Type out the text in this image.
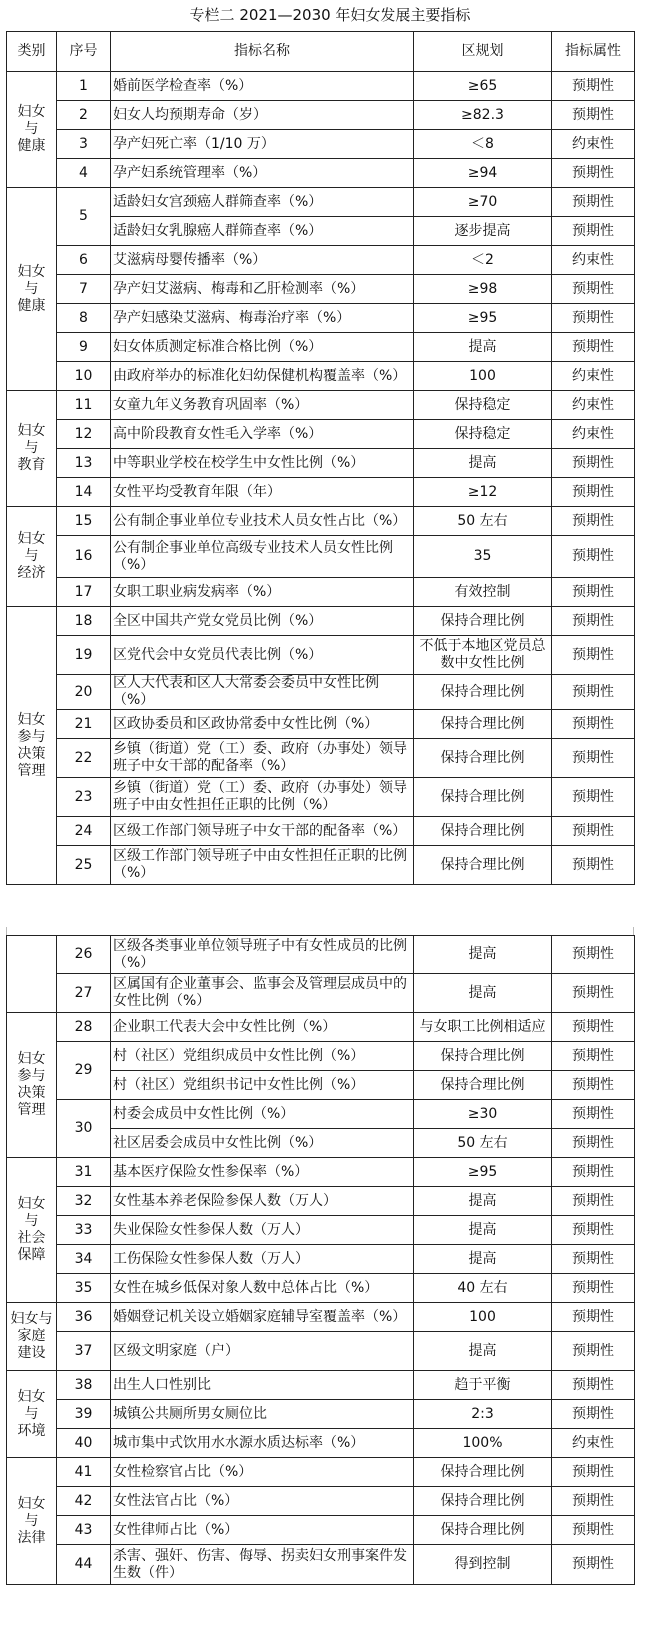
专栏二 2021—2030 年妇女发展主要指标
类别	序号	指标名称	区规划	指标属性
妇女
与
健康	1	婚前医学检查率（%）	≥65	预期性
	2	妇女人均预期寿命（岁）	≥82.3	预期性
	3	孕产妇死亡率（1/10 万）	＜8	约束性
	4	孕产妇系统管理率（%）	≥94	预期性
妇女
与
健康	5	适龄妇女宫颈癌人群筛查率（%）	≥70	预期性
		适龄妇女乳腺癌人群筛查率（%）	逐步提高	预期性
	6	艾滋病母婴传播率（%）	＜2	约束性
	7	孕产妇艾滋病、梅毒和乙肝检测率（%）	≥98	预期性
	8	孕产妇感染艾滋病、梅毒治疗率（%）	≥95	预期性
	9	妇女体质测定标准合格比例（%）	提高	预期性
	10	由政府举办的标准化妇幼保健机构覆盖率（%）	100	约束性
妇女
与
教育	11	女童九年义务教育巩固率（%）	保持稳定	约束性
	12	高中阶段教育女性毛入学率（%）	保持稳定	约束性
	13	中等职业学校在校学生中女性比例（%）	提高	预期性
	14	女性平均受教育年限（年）	≥12	预期性
妇女
与
经济	15	公有制企事业单位专业技术人员女性占比（%）	50 左右	预期性
	16	公有制企事业单位高级专业技术人员女性比例（%）	35	预期性
	17	女职工职业病发病率（%）	有效控制	预期性
妇女
参与
决策
管理	18	全区中国共产党女党员比例（%）	保持合理比例	预期性
	19	区党代会中女党员代表比例（%）	不低于本地区党员总数中女性比例	预期性
	20	区人大代表和区人大常委会委员中女性比例（%）	保持合理比例	预期性
	21	区政协委员和区政协常委中女性比例（%）	保持合理比例	预期性
	22	乡镇（街道）党（工）委、政府（办事处）领导班子中女干部的配备率（%）	保持合理比例	预期性
	23	乡镇（街道）党（工）委、政府（办事处）领导班子中由女性担任正职的比例（%）	保持合理比例	预期性
	24	区级工作部门领导班子中女干部的配备率（%）	保持合理比例	预期性
	25	区级工作部门领导班子中由女性担任正职的比例（%）	保持合理比例	预期性
	26	区级各类事业单位领导班子中有女性成员的比例（%）	提高	预期性
	27	区属国有企业董事会、监事会及管理层成员中的女性比例（%）	提高	预期性
妇女
参与
决策
管理	28	企业职工代表大会中女性比例（%）	与女职工比例相适应	预期性
	29	村（社区）党组织成员中女性比例（%）	保持合理比例	预期性
		村（社区）党组织书记中女性比例（%）	保持合理比例	预期性
	30	村委会成员中女性比例（%）	≥30	预期性
		社区居委会成员中女性比例（%）	50 左右	预期性
妇女
与
社会
保障	31	基本医疗保险女性参保率（%）	≥95	预期性
	32	女性基本养老保险参保人数（万人）	提高	预期性
	33	失业保险女性参保人数（万人）	提高	预期性
	34	工伤保险女性参保人数（万人）	提高	预期性
	35	女性在城乡低保对象人数中总体占比（%）	40 左右	预期性
妇女与
家庭
建设	36	婚姻登记机关设立婚姻家庭辅导室覆盖率（%）	100	预期性
	37	区级文明家庭（户）	提高	预期性
妇女
与
环境	38	出生人口性别比	趋于平衡	预期性
	39	城镇公共厕所男女厕位比	2:3	预期性
	40	城市集中式饮用水水源水质达标率（%）	100%	约束性
妇女
与
法律	41	女性检察官占比（%）	保持合理比例	预期性
	42	女性法官占比（%）	保持合理比例	预期性
	43	女性律师占比（%）	保持合理比例	预期性
	44	杀害、强奸、伤害、侮辱、拐卖妇女刑事案件发生数（件）	得到控制	预期性
